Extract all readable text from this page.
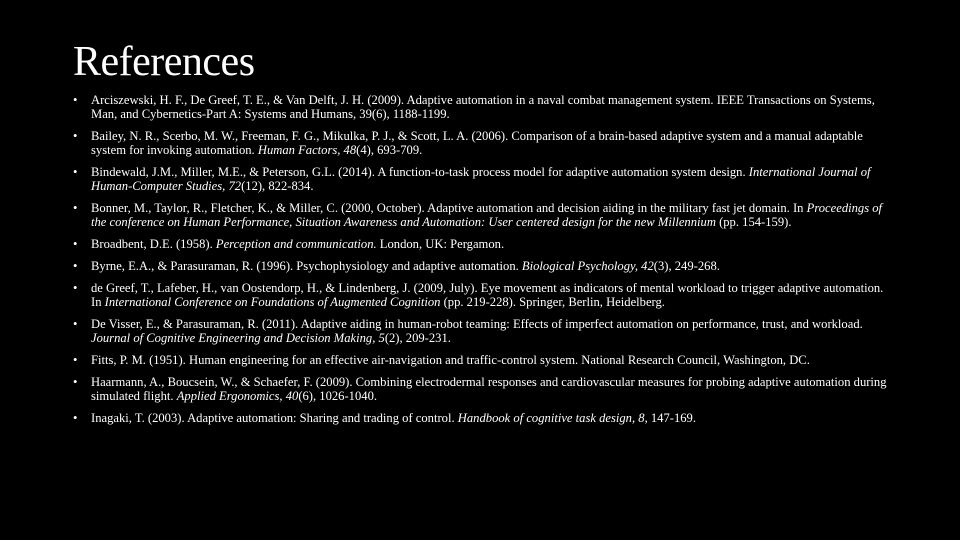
References
• Arciszewski, H. F., De Greef, T. E., & Van Delft, J. H. (2009). Adaptive automation in a naval combat management system. IEEE Transactions on Systems, Man, and Cybernetics-Part A: Systems and Humans, 39(6), 1188-1199.
• Bailey, N. R., Scerbo, M. W., Freeman, F. G., Mikulka, P. J., & Scott, L. A. (2006). Comparison of a brain-based adaptive system and a manual adaptable system for invoking automation. Human Factors, 48(4), 693-709.
• Bindewald, J.M., Miller, M.E., & Peterson, G.L. (2014). A function-to-task process model for adaptive automation system design. International Journal of Human-Computer Studies, 72(12), 822-834.
• Bonner, M., Taylor, R., Fletcher, K., & Miller, C. (2000, October). Adaptive automation and decision aiding in the military fast jet domain. In Proceedings of the conference on Human Performance, Situation Awareness and Automation: User centered design for the new Millennium (pp. 154-159).
• Broadbent, D.E. (1958). Perception and communication. London, UK: Pergamon.
• Byrne, E.A., & Parasuraman, R. (1996). Psychophysiology and adaptive automation. Biological Psychology, 42(3), 249-268.
• de Greef, T., Lafeber, H., van Oostendorp, H., & Lindenberg, J. (2009, July). Eye movement as indicators of mental workload to trigger adaptive automation. In International Conference on Foundations of Augmented Cognition (pp. 219-228). Springer, Berlin, Heidelberg.
• De Visser, E., & Parasuraman, R. (2011). Adaptive aiding in human-robot teaming: Effects of imperfect automation on performance, trust, and workload. Journal of Cognitive Engineering and Decision Making, 5(2), 209-231.
• Fitts, P. M. (1951). Human engineering for an effective air-navigation and traffic-control system. National Research Council, Washington, DC.
• Haarmann, A., Boucsein, W., & Schaefer, F. (2009). Combining electrodermal responses and cardiovascular measures for probing adaptive automation during simulated flight. Applied Ergonomics, 40(6), 1026-1040.
• Inagaki, T. (2003). Adaptive automation: Sharing and trading of control. Handbook of cognitive task design, 8, 147-169.
